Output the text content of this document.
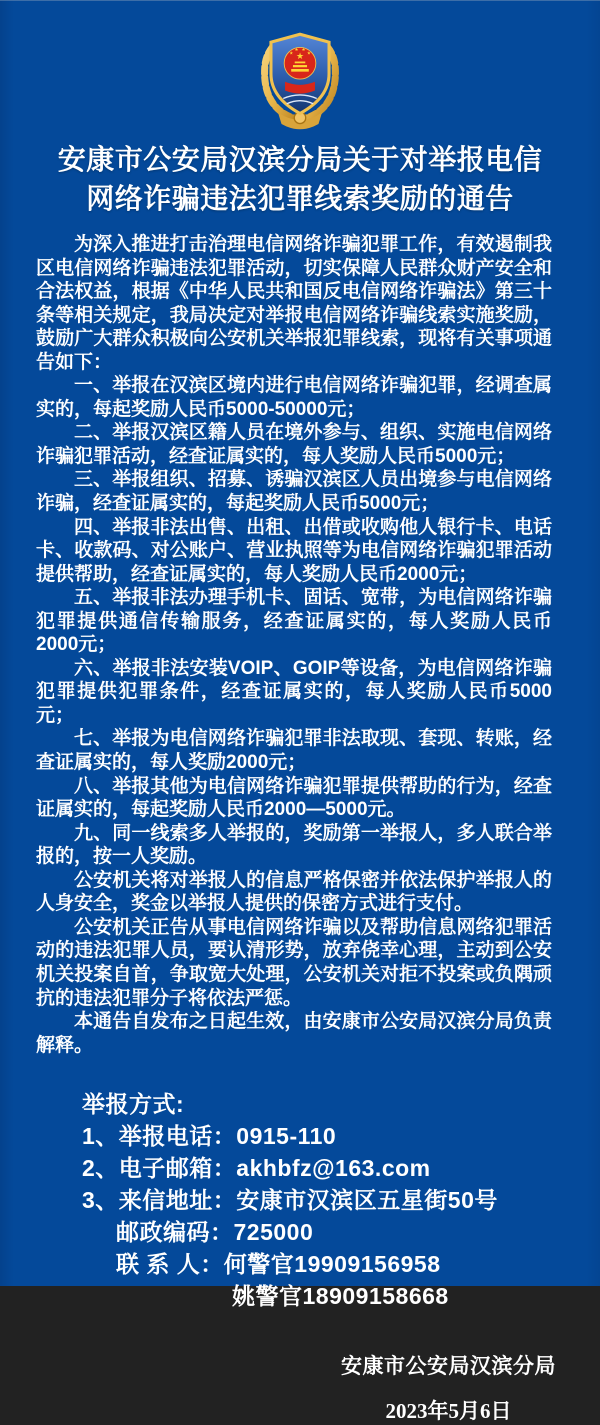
★
★
★ ★
★
安康市公安局汉滨分局关于对举报电信
网络诈骗违法犯罪线索奖励的通告

为深入推进打击治理电信网络诈骗犯罪工作，有效遏制我区电信网络诈骗违法犯罪活动，切实保障人民群众财产安全和合法权益，根据《中华人民共和国反电信网络诈骗法》第三十条等相关规定，我局决定对举报电信网络诈骗线索实施奖励，鼓励广大群众积极向公安机关举报犯罪线索，现将有关事项通告如下：

一、举报在汉滨区境内进行电信网络诈骗犯罪，经调查属实的，每起奖励人民币5000-50000元；

二、举报汉滨区籍人员在境外参与、组织、实施电信网络诈骗犯罪活动，经查证属实的，每人奖励人民币5000元；

三、举报组织、招募、诱骗汉滨区人员出境参与电信网络诈骗，经查证属实的，每起奖励人民币5000元；

四、举报非法出售、出租、出借或收购他人银行卡、电话卡、收款码、对公账户、营业执照等为电信网络诈骗犯罪活动提供帮助，经查证属实的，每人奖励人民币2000元；

五、举报非法办理手机卡、固话、宽带，为电信网络诈骗犯罪提供通信传输服务，经查证属实的，每人奖励人民币2000元；

六、举报非法安装VOIP、GOIP等设备，为电信网络诈骗犯罪提供犯罪条件，经查证属实的，每人奖励人民币5000元；

七、举报为电信网络诈骗犯罪非法取现、套现、转账，经查证属实的，每人奖励2000元；

八、举报其他为电信网络诈骗犯罪提供帮助的行为，经查证属实的，每起奖励人民币2000—5000元。

九、同一线索多人举报的，奖励第一举报人，多人联合举报的，按一人奖励。

公安机关将对举报人的信息严格保密并依法保护举报人的人身安全，奖金以举报人提供的保密方式进行支付。

公安机关正告从事电信网络诈骗以及帮助信息网络犯罪活动的违法犯罪人员，要认清形势，放弃侥幸心理，主动到公安机关投案自首，争取宽大处理，公安机关对拒不投案或负隅顽抗的违法犯罪分子将依法严惩。

本通告自发布之日起生效，由安康市公安局汉滨分局负责解释。

举报方式:
1、举报电话：0915-110
2、电子邮箱：akhbfz@163.com
3、来信地址：安康市汉滨区五星街50号
邮政编码：725000
联 系 人：何警官19909156958
姚警官18909158668
安康市公安局汉滨分局
2023年5月6日
